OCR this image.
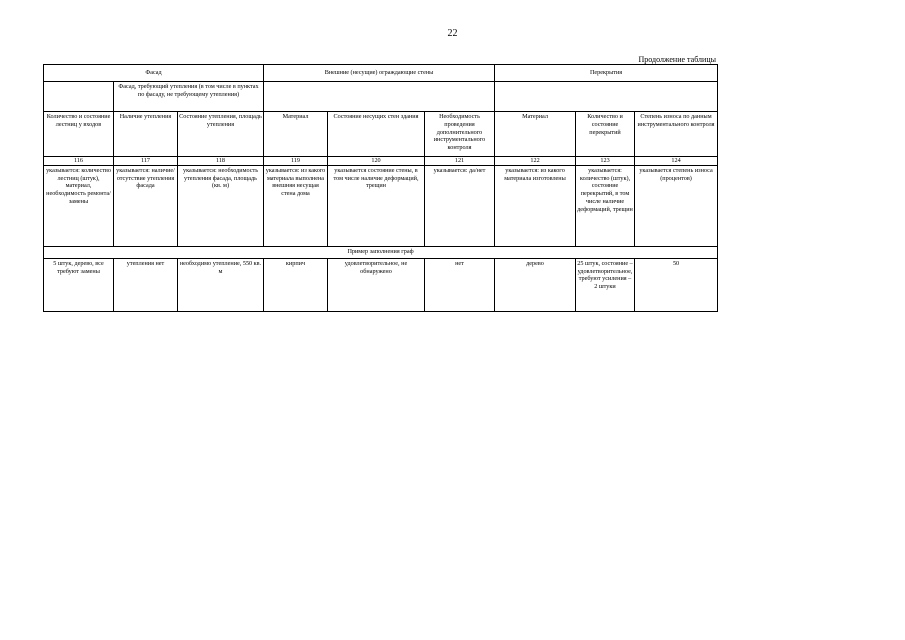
22
Продолжение таблицы
Фасад			Внешние (несущие) ограждающие стены			Перекрытия		
	Фасад, требующий утепления (в том числе в пунктах по фасаду, не требующему утепления)							
Количество и состояние лестниц у входов	Наличие утепления	Состояние утепления, площадь утепления	Материал	Состояние несущих стен здания	Необходимость проведения дополнительного инструментального контроля	Материал	Количество и состояние перекрытий	Степень износа по данным инструментального контроля
116	117	118	119	120	121	122	123	124
указывается: количество лестниц (штук), материал, необходимость ремонта/замены	указывается: наличие/ отсутствие утепления фасада	указывается: необходимость утепления фасада, площадь (кв. м)	указывается: из какого материала выполнена внешняя несущая стена дома	указывается состояние стены, в том числе наличие деформаций, трещин	указывается: да/нет	указывается: из какого материала изготовлены	указывается: количество (штук), состояние перекрытий, в том числе наличие деформаций, трещин	указывается степень износа (процентов)
Пример заполнения граф								
5 штук, дерево, все требуют замены	утепления нет	необходимо утепление, 550 кв. м	кирпич	удовлетворительное, не обнаружено	нет	дерево	25 штук, состояние – удовлетворительное, требуют усиления – 2 штуки	50
